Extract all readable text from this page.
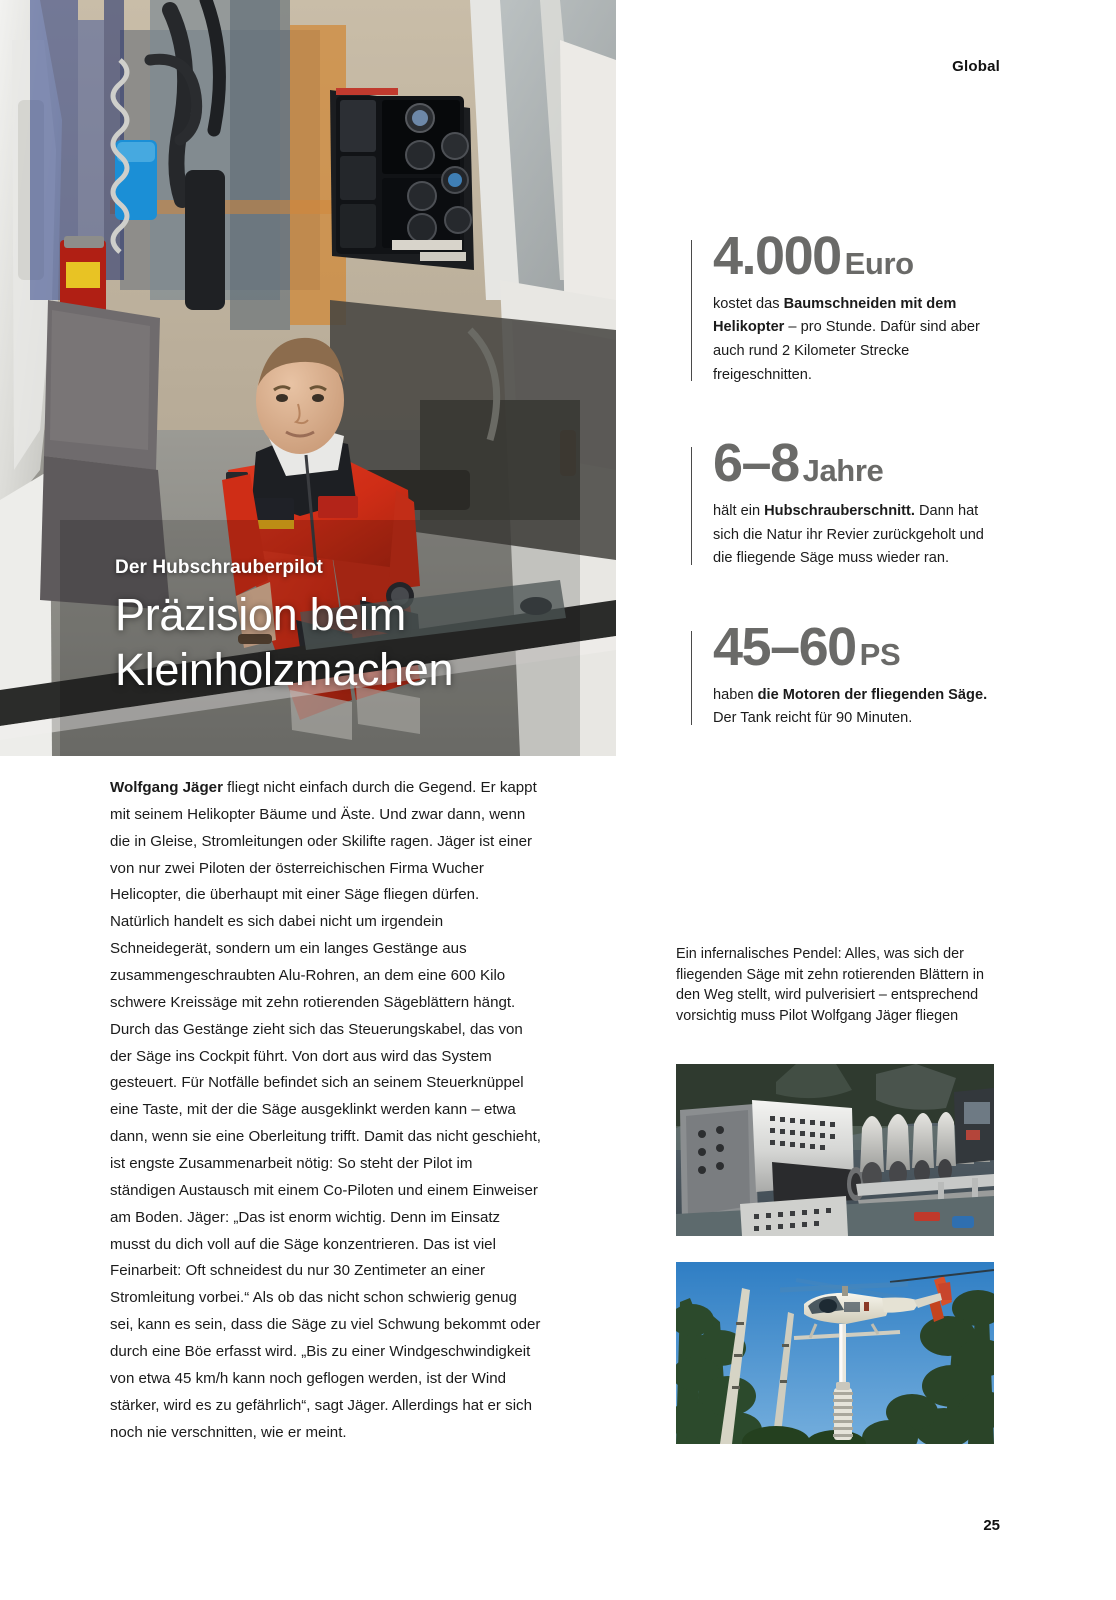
Global
Der Hubschrauberpilot
Präzision beim
Kleinholzmachen
Wolfgang Jäger fliegt nicht einfach durch die Gegend. Er kappt mit seinem Helikopter Bäume und Äste. Und zwar dann, wenn die in Gleise, Stromleitungen oder Skilifte ragen. Jäger ist einer von nur zwei Piloten der österreichischen Firma Wucher Helicopter, die überhaupt mit einer Säge fliegen dürfen. Natürlich handelt es sich dabei nicht um irgendein Schneidegerät, sondern um ein langes Gestänge aus zusammengeschraubten Alu-Rohren, an dem eine 600 Kilo schwere Kreissäge mit zehn rotierenden Sägeblättern hängt. Durch das Gestänge zieht sich das Steuerungskabel, das von der Säge ins Cockpit führt. Von dort aus wird das System gesteuert. Für Notfälle befindet sich an seinem Steuerknüppel eine Taste, mit der die Säge ausgeklinkt werden kann – etwa dann, wenn sie eine Oberleitung trifft. Damit das nicht geschieht, ist engste Zusammenarbeit nötig: So steht der Pilot im ständigen Austausch mit einem Co-Piloten und einem Einweiser am Boden. Jäger: „Das ist enorm wichtig. Denn im Einsatz musst du dich voll auf die Säge konzentrieren. Das ist viel Feinarbeit: Oft schneidest du nur 30 Zentimeter an einer Stromleitung vorbei.“ Als ob das nicht schon schwierig genug sei, kann es sein, dass die Säge zu viel Schwung bekommt oder durch eine Böe erfasst wird. „Bis zu einer Windgeschwindigkeit von etwa 45 km/h kann noch geflogen werden, ist der Wind stärker, wird es zu gefährlich“, sagt Jäger. Allerdings hat er sich noch nie verschnitten, wie er meint.
4.000 Euro
kostet das Baumschneiden mit dem Helikopter – pro Stunde. Dafür sind aber auch rund 2 Kilometer Strecke freigeschnitten.
6–8 Jahre
hält ein Hubschrauberschnitt. Dann hat sich die Natur ihr Revier zurückgeholt und die fliegende Säge muss wieder ran.
45–60 PS
haben die Motoren der fliegenden Säge. Der Tank reicht für 90 Minuten.
Ein infernalisches Pendel: Alles, was sich der fliegenden Säge mit zehn rotierenden Blättern in den Weg stellt, wird pulverisiert – entsprechend vorsichtig muss Pilot Wolfgang Jäger fliegen
25
